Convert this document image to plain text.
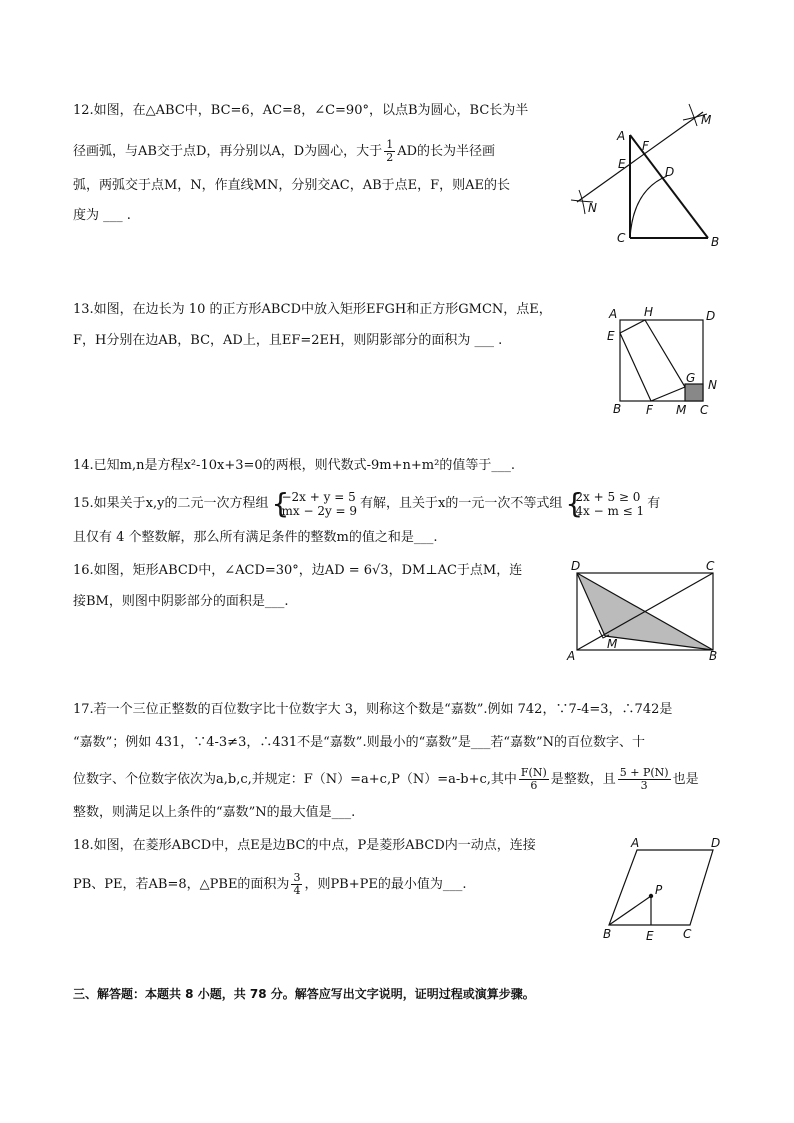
12.如图，在△ABC中，BC=6，AC=8，∠C=90°，以点B为圆心，BC长为半
径画弧，与AB交于点D，再分别以A，D为圆心，大于 $\frac{1}{2}$ AD的长为半径画
弧，两弧交于点M，N，作直线MN，分别交AC，AB于点E，F，则AE的长
度为 ___ .
A
B
C
D
E
F
M
N
13.如图，在边长为 10 的正方形ABCD中放入矩形EFGH和正方形GMCN，点E，
F，H分别在边AB，BC，AD上，且EF=2EH，则阴影部分的面积为 ___ .
A H	D
E
G N
B F M C
14.已知m,n是方程x²-10x+3=0的两根，则代数式-9m+n+m²的值等于___.
15.如果关于x,y的二元一次方程组 {
−2x + y = 5
mx − 2y = 9 有解，且关于x的一元一次不等式组 {
2x + 5 ≥ 0
4x − m ≤ 1 有
且仅有 4 个整数解，那么所有满足条件的整数m的值之和是___.
16.如图，矩形ABCD中，∠ACD=30°，边AD = 6√3，DM⊥AC于点M，连
接BM，则图中阴影部分的面积是___.
D	C
A	B
M
17.若一个三位正整数的百位数字比十位数字大 3，则称这个数是“嘉数”.例如 742，∵7-4=3，∴742是
“嘉数”；例如 431，∵4-3≠3，∴431不是“嘉数”.则最小的“嘉数”是___若“嘉数”N的百位数字、十
位数字、个位数字依次为a,b,c,并规定：F（N）=a+c,P（N）=a-b+c,其中 $\frac{F(N)}{6}$ 是整数，且 $\frac{5 + P(N)}{3}$ 也是
整数，则满足以上条件的“嘉数”N的最大值是___.
18.如图，在菱形ABCD中，点E是边BC的中点，P是菱形ABCD内一动点，连接
PB、PE，若AB=8，△PBE的面积为 $\frac{3}{4}$ ，则PB+PE的最小值为___.
A	D
P
B	E C
三、解答题：本题共 8 小题，共 78 分。解答应写出文字说明，证明过程或演算步骤。
